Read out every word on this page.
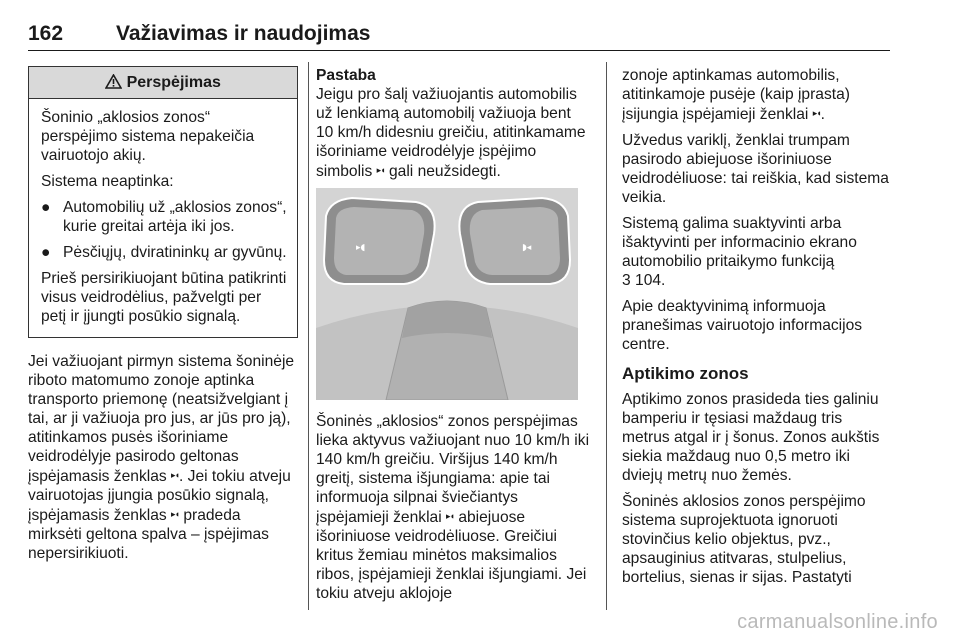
162	Važiavimas ir naudojimas
Perspėjimas

Šoninio „aklosios zonos“ perspėjimo sistema nepakeičia vairuotojo akių.

Sistema neaptinka:

● Automobilių už „aklosios zonos“, kurie greitai artėja iki jos.
● Pėsčiųjų, dviratininkų ar gyvūnų.

Prieš persirikiuojant būtina patikrinti visus veidrodėlius, pažvelgti per petį ir įjungti posūkio signalą.

Jei važiuojant pirmyn sistema šoninėje riboto matomumo zonoje aptinka transporto priemonę (neatsižvelgiant į tai, ar ji važiuoja pro jus, ar jūs pro ją), atitinkamos pusės išoriniame veidrodėlyje pasirodo geltonas įspėjamasis ženklas ▸◖. Jei tokiu atveju vairuotojas įjungia posūkio signalą, įspėjamasis ženklas ▸◖ pradeda mirksėti geltona spalva – įspėjimas nepersirikiuoti.

Pastaba
Jeigu pro šalį važiuojantis automobilis už lenkiamą automobilį važiuoja bent 10 km/h didesniu greičiu, atitinkamame išoriniame veidrodėlyje įspėjimo simbolis ▸◖ gali neužsidegti.

▸◖	◗◂

Šoninės „aklosios“ zonos perspėjimas lieka aktyvus važiuojant nuo 10 km/h iki 140 km/h greičiu. Viršijus 140 km/h greitį, sistema išjungiama: apie tai informuoja silpnai šviečiantys įspėjamieji ženklai ▸◖ abiejuose išoriniuose veidrodėliuose. Greičiui kritus žemiau minėtos maksimalios ribos, įspėjamieji ženklai išjungiami. Jei tokiu atveju aklojoje

zonoje aptinkamas automobilis, atitinkamoje pusėje (kaip įprasta) įsijungia įspėjamieji ženklai ▸◖.

Užvedus variklį, ženklai trumpam pasirodo abiejuose išoriniuose veidrodėliuose: tai reiškia, kad sistema veikia.

Sistemą galima suaktyvinti arba išaktyvinti per informacinio ekrano automobilio pritaikymo funkciją
3 104.

Apie deaktyvinimą informuoja pranešimas vairuotojo informacijos centre.

Aptikimo zonos

Aptikimo zonos prasideda ties galiniu bamperiu ir tęsiasi maždaug tris metrus atgal ir į šonus. Zonos aukštis siekia maždaug nuo 0,5 metro iki dviejų metrų nuo žemės.

Šoninės aklosios zonos perspėjimo sistema suprojektuota ignoruoti stovinčius kelio objektus, pvz., apsauginius atitvaras, stulpelius, bortelius, sienas ir sijas. Pastatyti

carmanualsonline.info
